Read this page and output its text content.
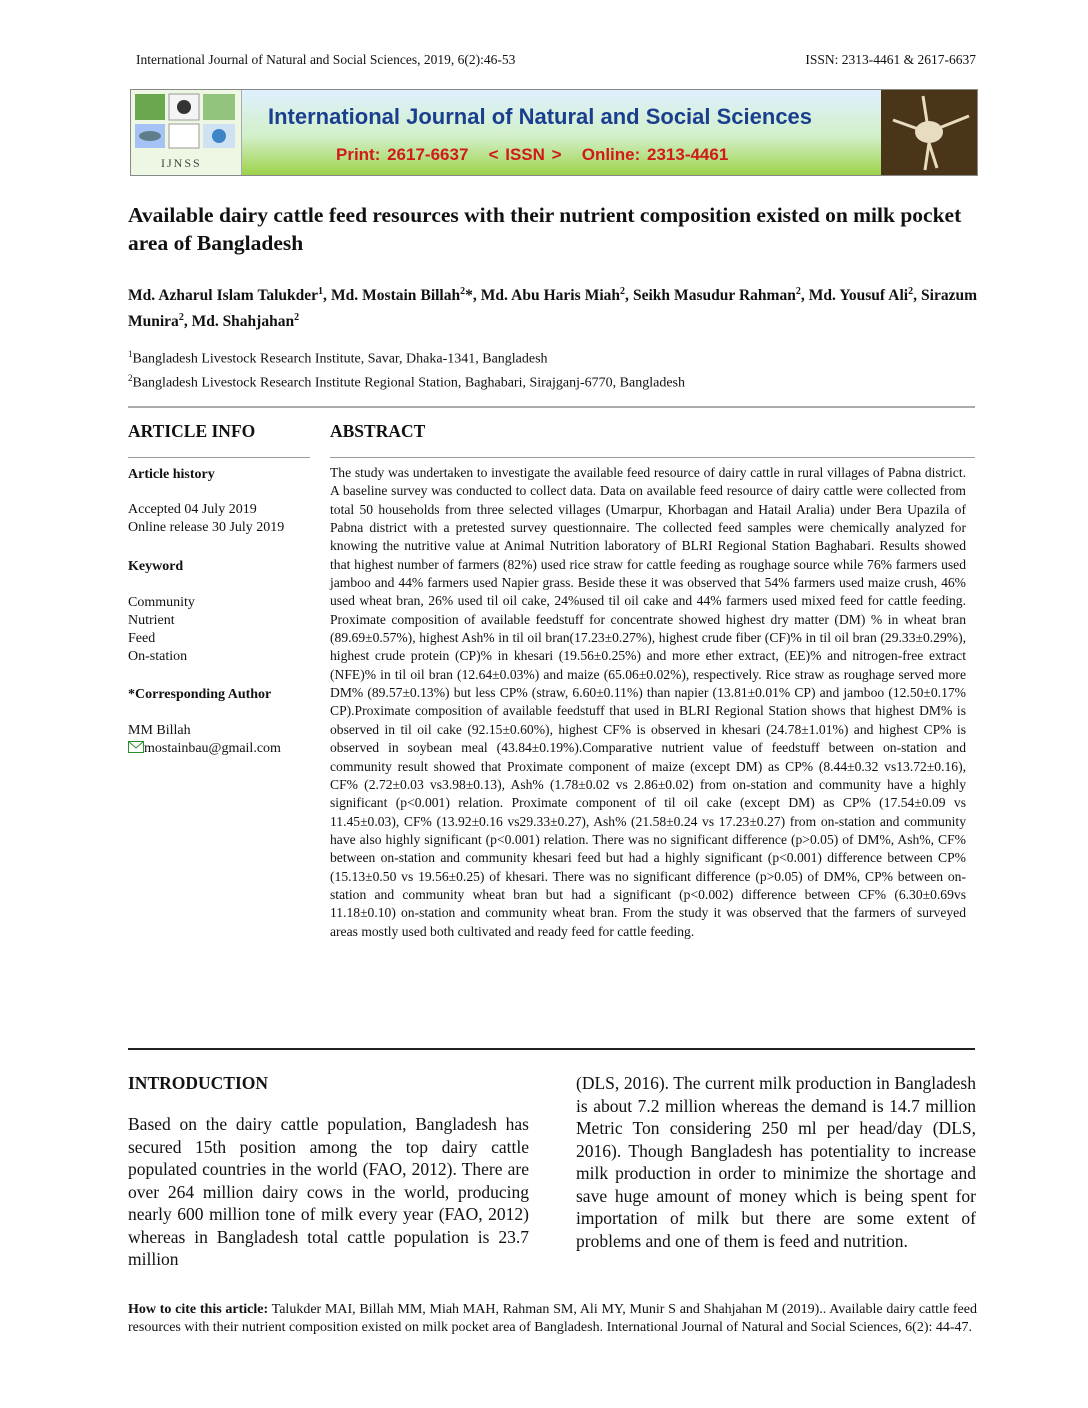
International Journal of Natural and Social Sciences, 2019, 6(2):46-53	ISSN: 2313-4461 & 2617-6637
IJNSS
International Journal of Natural and Social Sciences
Print: 2617-6637   < ISSN >   Online: 2313-4461
Available dairy cattle feed resources with their nutrient composition existed on milk pocket area of Bangladesh
Md. Azharul Islam Talukder$^1$, Md. Mostain Billah$^2$*, Md. Abu Haris Miah$^2$, Seikh Masudur Rahman$^2$, Md. Yousuf Ali$^2$, Sirazum Munira$^2$, Md. Shahjahan$^2$
$^1$Bangladesh Livestock Research Institute, Savar, Dhaka-1341, Bangladesh
$^2$Bangladesh Livestock Research Institute Regional Station, Baghabari, Sirajganj-6770, Bangladesh
ARTICLE INFO	ABSTRACT
Article history
Accepted 04 July 2019
Online release 30 July 2019
Keyword
Community
Nutrient
Feed
On-station
*Corresponding Author
MM Billah
mostainbau@gmail.com
The study was undertaken to investigate the available feed resource of dairy cattle in rural villages of Pabna district. A baseline survey was conducted to collect data. Data on available feed resource of dairy cattle were collected from total 50 households from three selected villages (Umarpur, Khorbagan and Hatail Aralia) under Bera Upazila of Pabna district with a pretested survey questionnaire. The collected feed samples were chemically analyzed for knowing the nutritive value at Animal Nutrition laboratory of BLRI Regional Station Baghabari. Results showed that highest number of farmers (82%) used rice straw for cattle feeding as roughage source while 76% farmers used jamboo and 44% farmers used Napier grass. Beside these it was observed that 54% farmers used maize crush, 46% used wheat bran, 26% used til oil cake, 24%used til oil cake and 44% farmers used mixed feed for cattle feeding. Proximate composition of available feedstuff for concentrate showed highest dry matter (DM) % in wheat bran (89.69±0.57%), highest Ash% in til oil bran(17.23±0.27%), highest crude fiber (CF)% in til oil bran (29.33±0.29%), highest crude protein (CP)% in khesari (19.56±0.25%) and more ether extract, (EE)% and nitrogen-free extract (NFE)% in til oil bran (12.64±0.03%) and maize (65.06±0.02%), respectively. Rice straw as roughage served more DM% (89.57±0.13%) but less CP% (straw, 6.60±0.11%) than napier (13.81±0.01% CP) and jamboo (12.50±0.17% CP).Proximate composition of available feedstuff that used in BLRI Regional Station shows that highest DM% is observed in til oil cake (92.15±0.60%), highest CF% is observed in khesari (24.78±1.01%) and highest CP% is observed in soybean meal (43.84±0.19%).Comparative nutrient value of feedstuff between on-station and community result showed that Proximate component of maize (except DM) as CP% (8.44±0.32 vs13.72±0.16), CF% (2.72±0.03 vs3.98±0.13), Ash% (1.78±0.02 vs 2.86±0.02) from on-station and community have a highly significant (p<0.001) relation. Proximate component of til oil cake (except DM) as CP% (17.54±0.09 vs 11.45±0.03), CF% (13.92±0.16 vs29.33±0.27), Ash% (21.58±0.24 vs 17.23±0.27) from on-station and community have also highly significant (p<0.001) relation. There was no significant difference (p>0.05) of DM%, Ash%, CF% between on-station and community khesari feed but had a highly significant (p<0.001) difference between CP% (15.13±0.50 vs 19.56±0.25) of khesari. There was no significant difference (p>0.05) of DM%, CP% between on-station and community wheat bran but had a significant (p<0.002) difference between CF% (6.30±0.69vs 11.18±0.10) on-station and community wheat bran. From the study it was observed that the farmers of surveyed areas mostly used both cultivated and ready feed for cattle feeding.
INTRODUCTION
Based on the dairy cattle population, Bangladesh has secured 15th position among the top dairy cattle populated countries in the world (FAO, 2012). There are over 264 million dairy cows in the world, producing nearly 600 million tone of milk every year (FAO, 2012) whereas in Bangladesh total cattle population is 23.7 million
(DLS, 2016). The current milk production in Bangladesh is about 7.2 million whereas the demand is 14.7 million Metric Ton considering 250 ml per head/day (DLS, 2016). Though Bangladesh has potentiality to increase milk production in order to minimize the shortage and save huge amount of money which is being spent for importation of milk but there are some extent of problems and one of them is feed and nutrition.
How to cite this article: Talukder MAI, Billah MM, Miah MAH, Rahman SM, Ali MY, Munir S and Shahjahan M (2019).. Available dairy cattle feed resources with their nutrient composition existed on milk pocket area of Bangladesh. International Journal of Natural and Social Sciences, 6(2): 44-47.
